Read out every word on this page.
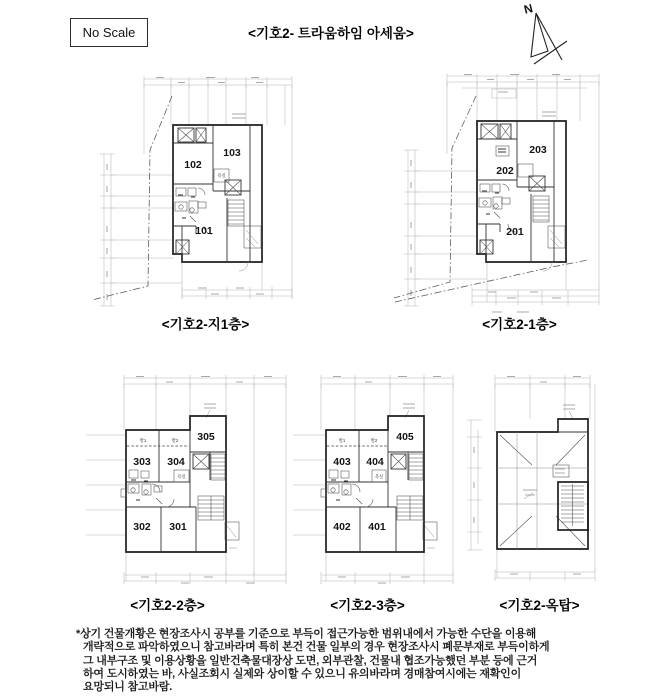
No Scale	<기호2- 트라움하임 아세움>
N
욕실
102
103
101
<기호2-지1층>
203
202
201
<기호2-1층>
발1	발2
욕실
303 304
305
302 301
<기호2-2층>
발1	발2
욕실
403 404
405
402 401
<기호2-3층>	<기호2-옥탑>
*상기 건물개황은 현장조사시 공부를 기준으로 부득이 접근가능한 범위내에서 가능한 수단을 이용해
개략적으로 파악하였으니 참고바라며 특히 본건 건물 일부의 경우 현장조사시 폐문부재로 부득이하게
그 내부구조 및 이용상황을 일반건축물대장상 도면, 외부관찰, 건물내 협조가능했던 부분 등에 근거
하여 도시하였는 바, 사실조회시 실제와 상이할 수 있으니 유의바라며 경매참여시에는 재확인이
요망되니 참고바람.
